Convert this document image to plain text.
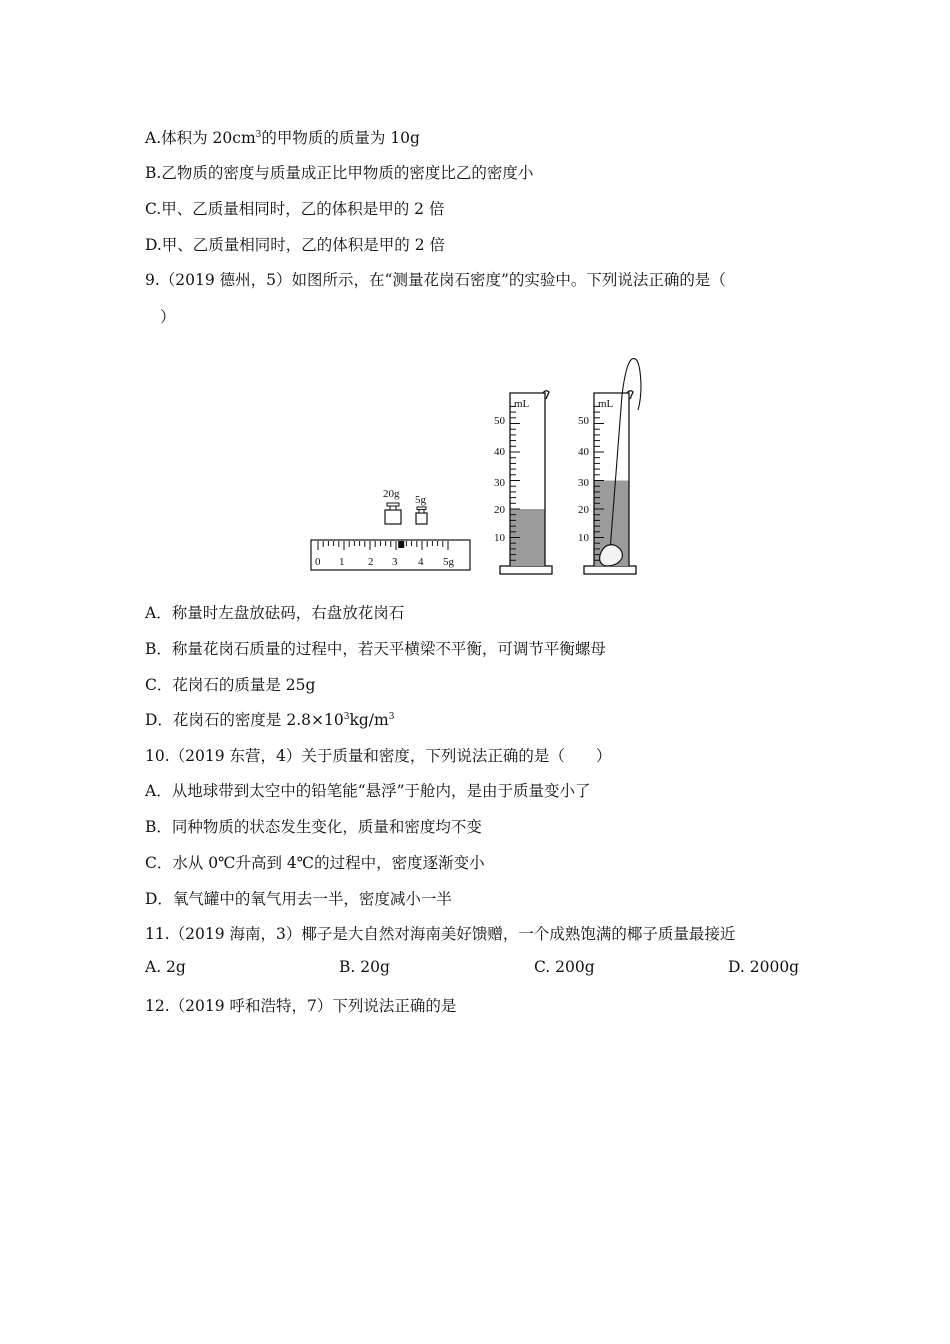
A.体积为 $20cm^3$的甲物质的质量为 10g
B.乙物质的密度与质量成正比甲物质的密度比乙的密度小
C.甲、乙质量相同时，乙的体积是甲的 2 倍
D.甲、乙质量相同时，乙的体积是甲的 2 倍
9.（2019 德州，5）如图所示，在“测量花岗石密度”的实验中。下列说法正确的是（
）
20g 5g
0 1 2 3 4 5g
mL
50
40
30
20
10
mL
50
40
30
20
10
A．称量时左盘放砝码，右盘放花岗石
B．称量花岗石质量的过程中，若天平横梁不平衡，可调节平衡螺母
C．花岗石的质量是 25g
D．花岗石的密度是 $2.8\times 10^3kg/m^3$
10.（2019 东营，4）关于质量和密度，下列说法正确的是（　　）
A．从地球带到太空中的铅笔能“悬浮”于舱内，是由于质量变小了
B．同种物质的状态发生变化，质量和密度均不变
C．水从 0℃升高到 4℃的过程中，密度逐渐变小
D．氧气罐中的氧气用去一半，密度减小一半
11.（2019 海南，3）椰子是大自然对海南美好馈赠，一个成熟饱满的椰子质量最接近
A. 2g	B. 20g	C. 200g	D. 2000g
12.（2019 呼和浩特，7）下列说法正确的是
